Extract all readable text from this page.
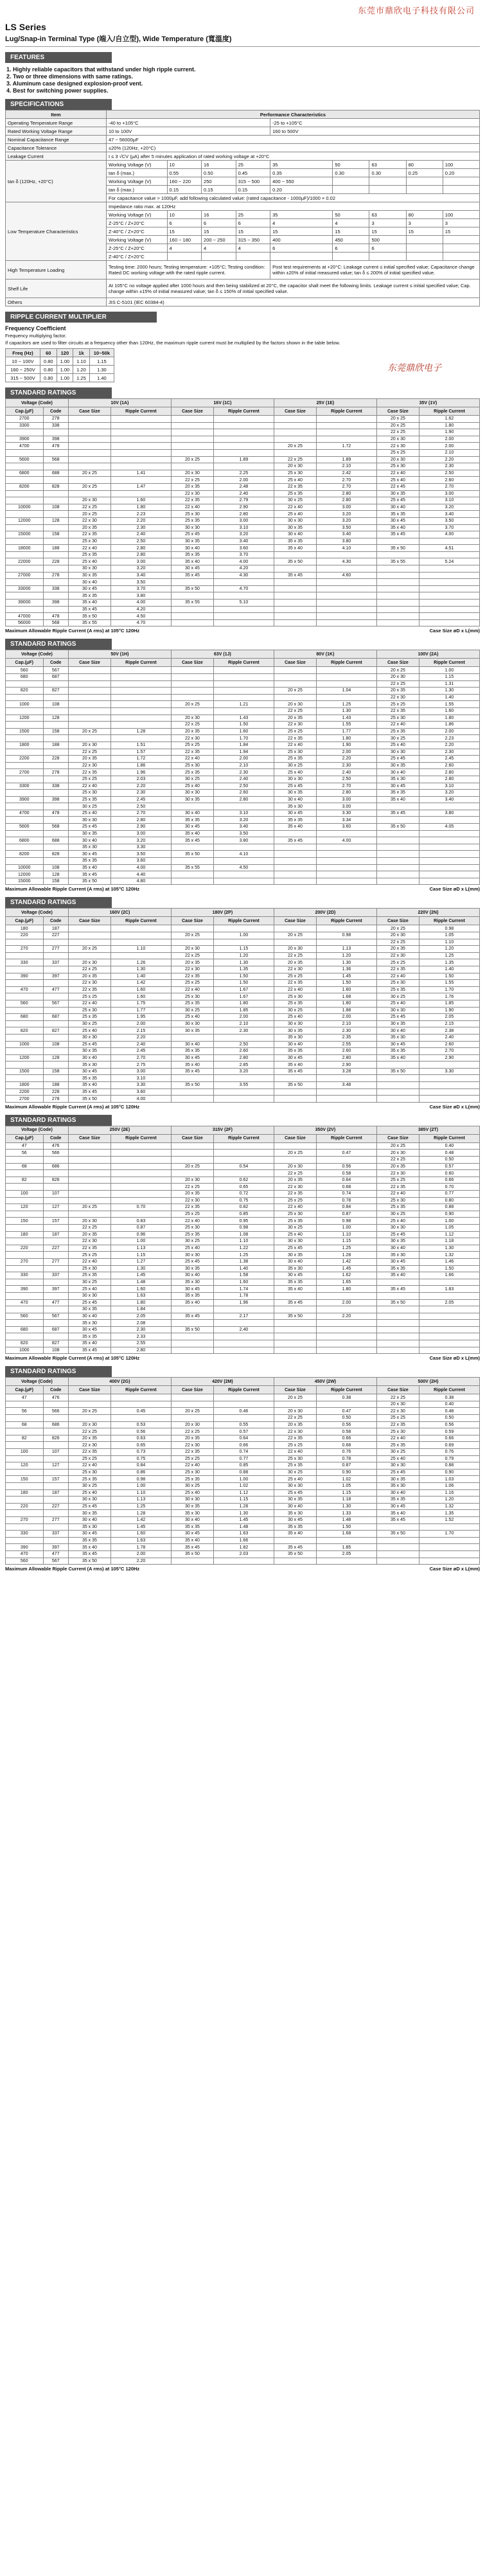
东莞市鼎欣电子科技有限公司
LS Series
Lug/Snap-in Terminal Type (端入/自立型), Wide Temperature (寬溫度)
FEATURES
1. Highly reliable capacitors that withstand under high ripple current.
2. Two or three dimensions with same ratings.
3. Aluminum case designed explosion-proof vent.
4. Best for switching power supplies.
SPECIFICATIONS
Item	Performance Characteristics								
Operating Temperature Range	-40 to +105°C				-25 to +105°C				
Rated Working Voltage Range	10 to 100V				160 to 500V				
Nominal Capacitance Range	47 ~ 56000μF								
Capacitance Tolerance	±20% (120Hz, +20°C)								
Leakage Current	I ≤ 3 √CV (μA) after 5 minutes application of rated working voltage at +20°C								
tan δ (120Hz, +20°C)	Working Voltage (V)	10	16	25	35	50	63	80	100
	tan δ (max.)	0.55	0.50	0.45	0.35	0.30	0.30	0.25	0.20
	Working Voltage (V)	160 ~ 220	250	315 ~ 500	400 ~ 550				
	tan δ (max.)	0.15	0.15	0.15	0.20				
	For capacitance value > 1000μF, add following calculated value: (rated capacitance - 1000μF)/1000 × 0.02								
Low Temperature Characteristics	Impedance ratio max. at 120Hz								
	Working Voltage (V)	10	16	25	35	50	63	80	100
	Z-25°C / Z+20°C	6	6	6	4	4	3	3	3
	Z-40°C / Z+20°C	15	15	15	15	15	15	15	15
	Working Voltage (V)	160 ~ 180	200 ~ 250	315 ~ 350	400	450	500		
	Z-25°C / Z+20°C	4	4	4	6	6	6		
	Z-40°C / Z+20°C								
High Temperature Loading	Testing time: 2000 hours; Testing temperature: +105°C; Testing condition: Rated DC working voltage with the rated ripple current.				Post test requirements at +20°C: Leakage current ≤ initial specified value; Capacitance change within ±20% of initial measured value; tan δ ≤ 200% of initial specified value.				
Shelf Life	At 105°C no voltage applied after 1000 hours and then being stabilized at 20°C, the capacitor shall meet the following limits. Leakage current ≤ initial specified value; Cap. change within ±15% of initial measured value; tan δ ≤ 150% of initial specified value.								
Others	JIS C-5101 (IEC 60384-4)								
RIPPLE CURRENT MULTIPLIER
Frequency Coefficient
Frequency multiplying factor.
If capacitors are used to filter circuits at a frequency other than 120Hz, the maximum ripple current must be multiplied by the factors shown in the table below.
Freq (Hz)	60	120	1k	10~50k
10 ~ 100V	0.80	1.00	1.10	1.15
160 ~ 250V	0.80	1.00	1.20	1.30
315 ~ 500V	0.80	1.00	1.25	1.40
东莞鼎欣电子
STANDARD RATINGS
Voltage (Code)		10V (1A)		16V (1C)		25V (1E)		35V (1V)	
Cap.(μF)	Code	Case Size	Ripple Current	Case Size	Ripple Current	Case Size	Ripple Current	Case Size	Ripple Current
2700	278							20 x 25	1.62
3300	338							20 x 25	1.80
								22 x 25	1.90
3900	398							20 x 30	2.00
4700	478					20 x 25	1.72	22 x 30	2.00
								25 x 25	2.10
5600	568			20 x 25	1.89	22 x 25	1.89	20 x 30	2.20
						20 x 30	2.10	25 x 30	2.30
6800	688	20 x 25	1.41	20 x 30	2.25	25 x 30	2.42	22 x 40	2.50
				22 x 25	2.00	25 x 40	2.70	25 x 40	2.60
8200	828	20 x 25	1.47	20 x 35	2.48	22 x 35	2.70	22 x 45	2.70
				22 x 30	2.40	25 x 35	2.80	30 x 35	3.00
		20 x 30	1.60	22 x 35	2.79	30 x 25	2.80	25 x 45	3.10
10000	108	22 x 25	1.80	22 x 40	2.90	22 x 40	3.00	30 x 40	3.20
		20 x 25	2.23	25 x 30	2.80	25 x 40	3.20	35 x 35	3.40
12000	128	22 x 30	2.20	25 x 35	3.00	30 x 30	3.20	30 x 45	3.50
		20 x 35	2.30	30 x 30	3.10	30 x 35	3.50	35 x 40	3.70
15000	158	22 x 35	2.40	25 x 45	3.20	30 x 40	3.40	35 x 45	4.00
		25 x 30	2.50	30 x 35	3.40	35 x 35	3.80		
18000	188	22 x 40	2.80	30 x 40	3.60	35 x 40	4.10	35 x 50	4.51
		25 x 35	2.80	35 x 35	3.70				
22000	228	25 x 40	3.00	35 x 40	4.00	35 x 50	4.30	35 x 55	5.24
		30 x 30	3.20	30 x 45	4.20				
27000	278	30 x 35	3.40	35 x 45	4.30	35 x 45	4.60		
		30 x 40	3.50						
33000	338	30 x 45	3.70	35 x 50	4.70				
		35 x 35	3.80						
39000	398	35 x 40	4.00	35 x 55	5.10				
		35 x 45	4.20						
47000	478	35 x 50	4.50						
56000	568	35 x 55	4.70						
Maximum Allowable Ripple Current (A rms) at 105°C 120Hz	Case Size øD x L(mm)
STANDARD RATINGS
Voltage (Code)		50V (1H)		63V (1J)		80V (1K)		100V (2A)	
Cap.(μF)	Code	Case Size	Ripple Current	Case Size	Ripple Current	Case Size	Ripple Current	Case Size	Ripple Current
560	567							20 x 25	1.00
680	687							20 x 30	1.15
								22 x 25	1.31
820	827					20 x 25	1.04	20 x 35	1.30
								22 x 30	1.40
1000	108			20 x 25	1.21	20 x 30	1.25	25 x 25	1.55
						22 x 25	1.30	22 x 35	1.60
1200	128			20 x 30	1.43	20 x 35	1.43	25 x 30	1.80
				22 x 25	1.50	22 x 30	1.55	22 x 40	1.86
1500	158	20 x 25	1.28	20 x 35	1.60	25 x 25	1.77	25 x 35	2.00
				22 x 30	1.70	22 x 35	1.80	30 x 25	2.23
1800	188	20 x 30	1.51	25 x 25	1.84	22 x 40	1.90	25 x 40	2.20
		22 x 25	1.57	22 x 35	1.94	25 x 30	2.00	30 x 30	2.30
2200	228	20 x 35	1.72	22 x 40	2.00	25 x 35	2.20	25 x 45	2.45
		22 x 30	1.86	25 x 30	2.10	30 x 25	2.30	30 x 35	2.60
2700	278	22 x 35	1.96	25 x 35	2.30	25 x 40	2.40	30 x 40	2.80
		25 x 25	2.03	30 x 25	2.40	30 x 30	2.50	35 x 30	2.80
3300	338	22 x 40	2.20	25 x 40	2.50	25 x 45	2.70	30 x 45	3.10
		25 x 30	2.30	30 x 30	2.60	30 x 35	2.80	35 x 35	3.20
3900	398	25 x 35	2.45	30 x 35	2.80	30 x 40	3.00	35 x 40	3.40
		30 x 25	2.50			35 x 30	3.00		
4700	478	25 x 40	2.70	30 x 40	3.10	30 x 45	3.30	35 x 45	3.80
		30 x 30	2.80	35 x 35	3.20	35 x 35	3.34		
5600	568	25 x 45	2.90	30 x 45	3.40	35 x 40	3.60	35 x 50	4.05
		30 x 35	3.00	35 x 40	3.50				
6800	688	30 x 40	3.20	35 x 45	3.80	35 x 45	4.00		
		35 x 30	3.30						
8200	828	30 x 45	3.50	35 x 50	4.10				
		35 x 35	3.60						
10000	108	35 x 40	4.00	35 x 55	4.50				
12000	128	35 x 45	4.40						
15000	158	35 x 50	4.80						
Maximum Allowable Ripple Current (A rms) at 105°C 120Hz	Case Size øD x L(mm)
STANDARD RATINGS
Voltage (Code)		160V (2C)		180V (2P)		200V (2D)		220V (2N)	
Cap.(μF)	Code	Case Size	Ripple Current	Case Size	Ripple Current	Case Size	Ripple Current	Case Size	Ripple Current
180	187							20 x 25	0.98
220	227			20 x 25	1.00	20 x 25	0.98	20 x 30	1.05
								22 x 25	1.10
270	277	20 x 25	1.10	20 x 30	1.15	20 x 30	1.13	20 x 35	1.20
				22 x 25	1.20	22 x 25	1.20	22 x 30	1.25
330	337	20 x 30	1.26	20 x 35	1.30	20 x 35	1.30	25 x 25	1.35
		22 x 25	1.30	22 x 30	1.35	22 x 30	1.36	22 x 35	1.40
390	397	20 x 35	1.40	22 x 35	1.50	25 x 25	1.45	22 x 40	1.50
		22 x 30	1.42	25 x 25	1.50	22 x 35	1.50	25 x 30	1.55
470	477	22 x 35	1.60	22 x 40	1.67	22 x 40	1.60	25 x 35	1.70
		25 x 25	1.60	25 x 30	1.67	25 x 30	1.68	30 x 25	1.76
560	567	22 x 40	1.75	25 x 35	1.80	25 x 35	1.80	25 x 40	1.85
		25 x 30	1.77	30 x 25	1.85	30 x 25	1.88	30 x 30	1.90
680	687	25 x 35	1.95	25 x 40	2.00	25 x 40	2.00	25 x 45	2.05
		30 x 25	2.00	30 x 30	2.10	30 x 30	2.10	30 x 35	2.15
820	827	25 x 40	2.15	30 x 35	2.30	30 x 35	2.30	30 x 40	2.38
		30 x 30	2.20			35 x 30	2.35	35 x 30	2.40
1000	108	25 x 45	2.40	30 x 40	2.50	30 x 40	2.55	30 x 45	2.60
		30 x 35	2.45	35 x 35	2.60	35 x 35	2.60	35 x 35	2.70
1200	128	30 x 40	2.70	30 x 45	2.80	30 x 45	2.80	35 x 40	2.90
		35 x 30	2.75	35 x 40	2.85	35 x 40	2.90		
1500	158	30 x 45	3.00	35 x 45	3.20	35 x 45	3.28	35 x 50	3.30
		35 x 35	3.10						
1800	188	35 x 40	3.30	35 x 50	3.55	35 x 50	3.48		
2200	228	35 x 45	3.60						
2700	278	35 x 50	4.00						
Maximum Allowable Ripple Current (A rms) at 105°C 120Hz	Case Size øD x L(mm)
STANDARD RATINGS
Voltage (Code)		250V (2E)		315V (2F)		350V (2V)		385V (2T)	
Cap.(μF)	Code	Case Size	Ripple Current	Case Size	Ripple Current	Case Size	Ripple Current	Case Size	Ripple Current
47	476							20 x 25	0.40
56	566					20 x 25	0.47	20 x 30	0.48
								22 x 25	0.50
68	686			20 x 25	0.54	20 x 30	0.56	20 x 35	0.57
						22 x 25	0.58	22 x 30	0.60
82	826			20 x 30	0.62	20 x 35	0.64	25 x 25	0.66
				22 x 25	0.65	22 x 30	0.68	22 x 35	0.70
100	107			20 x 35	0.72	22 x 35	0.74	22 x 40	0.77
				22 x 30	0.75	25 x 25	0.78	25 x 30	0.80
120	127	20 x 25	0.70	22 x 35	0.82	22 x 40	0.84	25 x 35	0.88
				25 x 25	0.85	25 x 30	0.87	30 x 25	0.90
150	157	20 x 30	0.83	22 x 40	0.95	25 x 35	0.98	25 x 40	1.00
		22 x 25	0.87	25 x 30	0.98	30 x 25	1.00	30 x 30	1.05
180	187	20 x 35	0.96	25 x 35	1.08	25 x 40	1.10	25 x 45	1.12
		22 x 30	1.00	30 x 25	1.10	30 x 30	1.15	30 x 35	1.18
220	227	22 x 35	1.13	25 x 40	1.22	25 x 45	1.25	30 x 40	1.30
		25 x 25	1.15	30 x 30	1.25	30 x 35	1.28	35 x 30	1.32
270	277	22 x 40	1.27	25 x 45	1.38	30 x 40	1.42	30 x 45	1.46
		25 x 30	1.30	30 x 35	1.40	35 x 30	1.45	35 x 35	1.50
330	337	25 x 35	1.45	30 x 40	1.58	30 x 45	1.62	35 x 40	1.66
		30 x 25	1.48	35 x 30	1.60	35 x 35	1.65		
390	397	25 x 40	1.60	30 x 45	1.74	35 x 40	1.80	35 x 45	1.83
		30 x 30	1.63	35 x 35	1.78				
470	477	25 x 45	1.80	35 x 40	1.96	35 x 45	2.00	35 x 50	2.05
		30 x 35	1.84						
560	567	30 x 40	2.05	35 x 45	2.17	35 x 50	2.20		
		35 x 30	2.08						
680	687	30 x 45	2.30	35 x 50	2.40				
		35 x 35	2.33						
820	827	35 x 40	2.55						
1000	108	35 x 45	2.80						
Maximum Allowable Ripple Current (A rms) at 105°C 120Hz	Case Size øD x L(mm)
STANDARD RATINGS
Voltage (Code)		400V (2G)		420V (2M)		450V (2W)		500V (2H)	
Cap.(μF)	Code	Case Size	Ripple Current	Case Size	Ripple Current	Case Size	Ripple Current	Case Size	Ripple Current
47	476					20 x 25	0.38	22 x 25	0.38
								20 x 30	0.40
56	566	20 x 25	0.45	20 x 25	0.46	20 x 30	0.47	22 x 30	0.48
						22 x 25	0.50	25 x 25	0.50
68	686	20 x 30	0.53	20 x 30	0.55	20 x 35	0.56	22 x 35	0.56
		22 x 25	0.56	22 x 25	0.57	22 x 30	0.58	25 x 30	0.59
82	826	20 x 35	0.63	20 x 35	0.64	22 x 35	0.66	22 x 40	0.66
		22 x 30	0.65	22 x 30	0.66	25 x 25	0.68	25 x 35	0.69
100	107	22 x 35	0.73	22 x 35	0.74	22 x 40	0.76	30 x 25	0.76
		25 x 25	0.75	25 x 25	0.77	25 x 30	0.78	25 x 40	0.79
120	127	22 x 40	0.84	22 x 40	0.85	25 x 35	0.87	30 x 30	0.88
		25 x 30	0.86	25 x 30	0.88	30 x 25	0.90	25 x 45	0.90
150	157	25 x 35	0.98	25 x 35	1.00	25 x 40	1.02	30 x 35	1.03
		30 x 25	1.00	30 x 25	1.02	30 x 30	1.05	35 x 30	1.06
180	187	25 x 40	1.10	25 x 40	1.12	25 x 45	1.15	30 x 40	1.16
		30 x 30	1.13	30 x 30	1.15	30 x 35	1.18	35 x 35	1.20
220	227	25 x 45	1.25	30 x 35	1.28	30 x 40	1.30	30 x 45	1.32
		30 x 35	1.28	35 x 30	1.30	35 x 30	1.33	35 x 40	1.35
270	277	30 x 40	1.42	30 x 40	1.45	30 x 45	1.48	35 x 45	1.52
		35 x 30	1.45	35 x 35	1.48	35 x 35	1.50		
330	337	30 x 45	1.60	30 x 45	1.63	35 x 40	1.68	35 x 50	1.70
		35 x 35	1.63	35 x 40	1.66				
390	397	35 x 40	1.78	35 x 45	1.82	35 x 45	1.85		
470	477	35 x 45	2.00	35 x 50	2.03	35 x 50	2.05		
560	567	35 x 50	2.20						
Maximum Allowable Ripple Current (A rms) at 105°C 120Hz	Case Size øD x L(mm)
